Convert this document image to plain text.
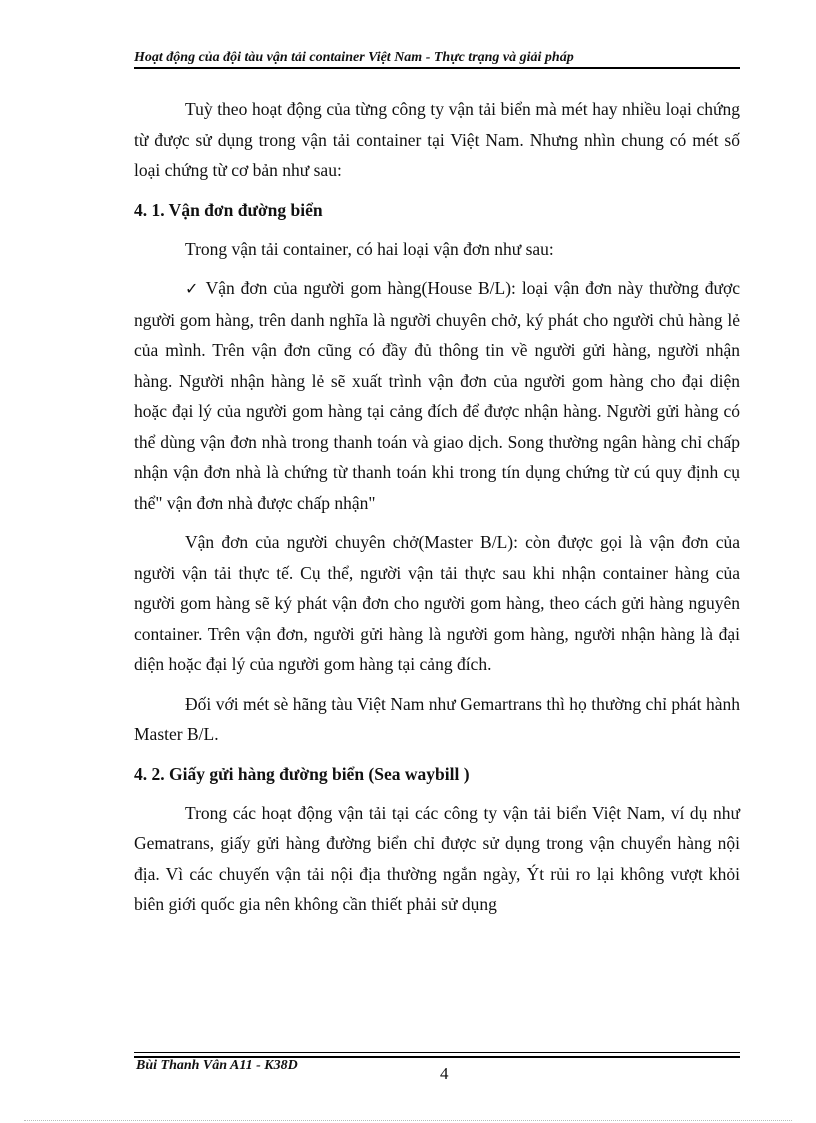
Hoạt động của đội tàu vận tải container Việt Nam - Thực trạng và giải pháp

Tuỳ theo hoạt động của từng công ty vận tải biển mà mét hay nhiều loại chứng từ được sử dụng trong vận tải container tại Việt Nam. Nhưng nhìn chung có mét số loại chứng từ cơ bản như sau:

4. 1. Vận đơn đường biển

Trong vận tải container, có hai loại vận đơn như sau:

✓ Vận đơn của người gom hàng(House B/L): loại vận đơn này thường được người gom hàng, trên danh nghĩa là người chuyên chở, ký phát cho người chủ hàng lẻ của mình. Trên vận đơn cũng có đầy đủ thông tin về người gửi hàng, người nhận hàng. Người nhận hàng lẻ sẽ xuất trình vận đơn của người gom hàng cho đại diện hoặc đại lý của người gom hàng tại cảng đích để được nhận hàng. Người gửi hàng có thể dùng vận đơn nhà trong thanh toán và giao dịch. Song thường ngân hàng chỉ chấp nhận vận đơn nhà là chứng từ thanh toán khi trong tín dụng chứng từ cú quy định cụ thể" vận đơn nhà được chấp nhận"

Vận đơn của người chuyên chở(Master B/L): còn được gọi là vận đơn của người vận tải thực tế. Cụ thể, người vận tải thực sau khi nhận container hàng của người gom hàng sẽ ký phát vận đơn cho người gom hàng, theo cách gửi hàng nguyên container. Trên vận đơn, người gửi hàng là người gom hàng, người nhận hàng là đại diện hoặc đại lý của người gom hàng tại cảng đích.

Đối với mét sè hãng tàu Việt Nam như Gemartrans thì họ thường chỉ phát hành Master B/L.

4. 2. Giấy gửi hàng đường biển (Sea waybill )

Trong các hoạt động vận tải tại các công ty vận tải biển Việt Nam, ví dụ như Gematrans, giấy gửi hàng đường biển chỉ được sử dụng trong vận chuyển hàng nội địa. Vì các chuyến vận tải nội địa thường ngắn ngày, Ýt rủi ro lại không vượt khỏi biên giới quốc gia nên không cần thiết phải sử dụng

Bùi Thanh Vân A11 - K38D	4
